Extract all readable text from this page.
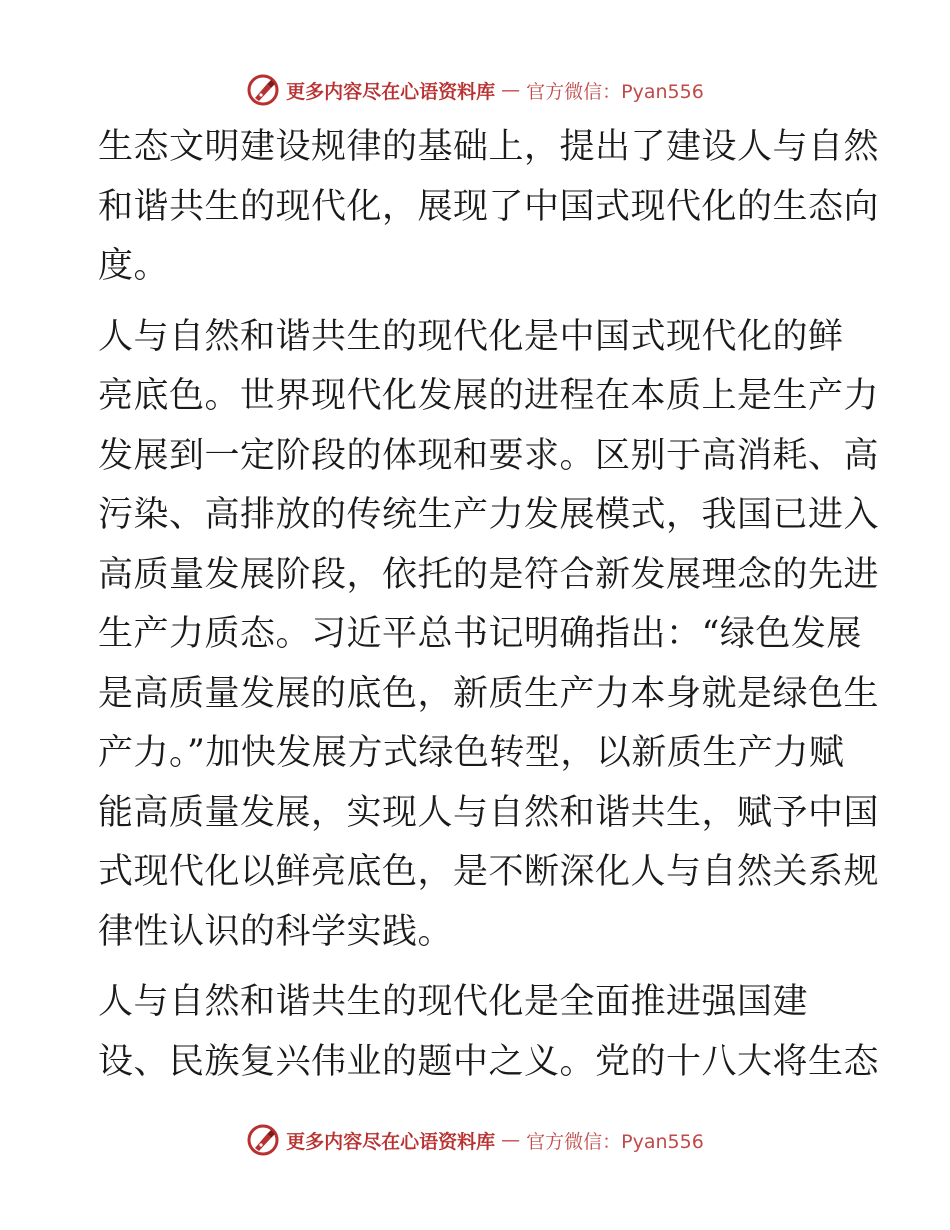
更多内容尽在心语资料库 — 官方微信：Pyan556
生态文明建设规律的基础上，提出了建设人与自然
和谐共生的现代化，展现了中国式现代化的生态向
度。
人与自然和谐共生的现代化是中国式现代化的鲜
亮底色。世界现代化发展的进程在本质上是生产力
发展到一定阶段的体现和要求。区别于高消耗、高
污染、高排放的传统生产力发展模式，我国已进入
高质量发展阶段，依托的是符合新发展理念的先进
生产力质态。习近平总书记明确指出：“绿色发展
是高质量发展的底色，新质生产力本身就是绿色生
产力。”加快发展方式绿色转型，以新质生产力赋
能高质量发展，实现人与自然和谐共生，赋予中国
式现代化以鲜亮底色，是不断深化人与自然关系规
律性认识的科学实践。
人与自然和谐共生的现代化是全面推进强国建
设、民族复兴伟业的题中之义。党的十八大将生态
更多内容尽在心语资料库 — 官方微信：Pyan556
